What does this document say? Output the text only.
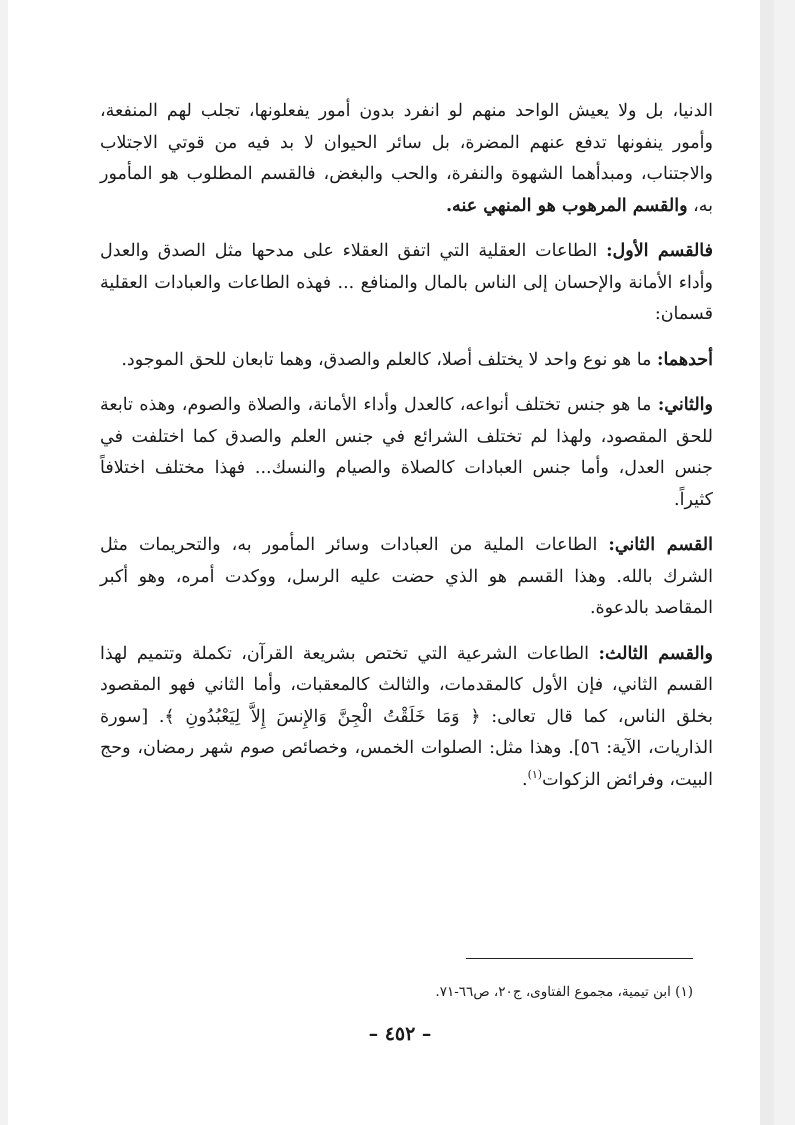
الدنيا، بل ولا يعيش الواحد منهم لو انفرد بدون أمور يفعلونها، تجلب لهم المنفعة، وأمور ينفونها تدفع عنهم المضرة، بل سائر الحيوان لا بد فيه من قوتي الاجتلاب والاجتناب، ومبدأهما الشهوة والنفرة، والحب والبغض، فالقسم المطلوب هو المأمور به، والقسم المرهوب هو المنهي عنه.

فالقسم الأول: الطاعات العقلية التي اتفق العقلاء على مدحها مثل الصدق والعدل وأداء الأمانة والإحسان إلى الناس بالمال والمنافع ... فهذه الطاعات والعبادات العقلية قسمان:

أحدهما: ما هو نوع واحد لا يختلف أصلا، كالعلم والصدق، وهما تابعان للحق الموجود.

والثاني: ما هو جنس تختلف أنواعه، كالعدل وأداء الأمانة، والصلاة والصوم، وهذه تابعة للحق المقصود، ولهذا لم تختلف الشرائع في جنس العلم والصدق كما اختلفت في جنس العدل، وأما جنس العبادات كالصلاة والصيام والنسك... فهذا مختلف اختلافاً كثيراً.

القسم الثاني: الطاعات الملية من العبادات وسائر المأمور به، والتحريمات مثل الشرك بالله. وهذا القسم هو الذي حضت عليه الرسل، ووكدت أمره، وهو أكبر المقاصد بالدعوة.

والقسم الثالث: الطاعات الشرعية التي تختص بشريعة القرآن، تكملة وتتميم لهذا القسم الثاني، فإن الأول كالمقدمات، والثالث كالمعقبات، وأما الثاني فهو المقصود بخلق الناس، كما قال تعالى: ﴿ وَمَا خَلَقْتُ الْجِنَّ وَالإِنسَ إِلاَّ لِيَعْبُدُونِ ﴾. [سورة الذاريات، الآية: ٥٦]. وهذا مثل: الصلوات الخمس، وخصائص صوم شهر رمضان، وحج البيت، وفرائض الزكوات$^{(١)}$.

(١) ابن تيمية، مجموع الفتاوى، ج٢٠، ص٦٦-٧١.
– ٤٥٢ –
